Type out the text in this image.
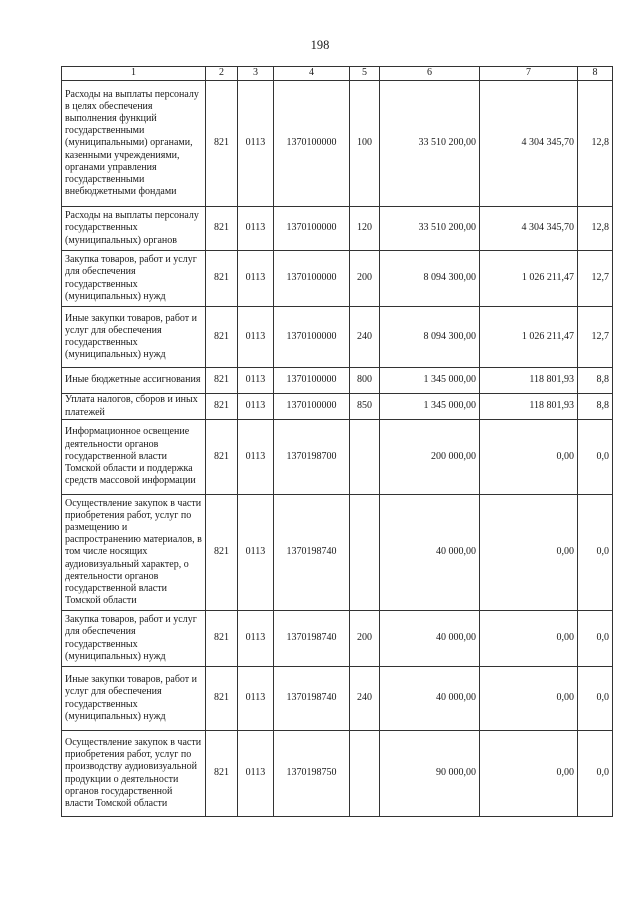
198
1	2	3	4	5	6	7	8
Расходы на выплаты персоналу в целях обеспечения выполнения функций государственными (муниципальными) органами, казенными учреждениями, органами управления государственными внебюджетными фондами	821	0113	1370100000	100	33 510 200,00	4 304 345,70	12,8
Расходы на выплаты персоналу государственных (муниципальных) органов	821	0113	1370100000	120	33 510 200,00	4 304 345,70	12,8
Закупка товаров, работ и услуг для обеспечения государственных (муниципальных) нужд	821	0113	1370100000	200	8 094 300,00	1 026 211,47	12,7
Иные закупки товаров, работ и услуг для обеспечения государственных (муниципальных) нужд	821	0113	1370100000	240	8 094 300,00	1 026 211,47	12,7
Иные бюджетные ассигнования	821	0113	1370100000	800	1 345 000,00	118 801,93	8,8
Уплата налогов, сборов и иных платежей	821	0113	1370100000	850	1 345 000,00	118 801,93	8,8
Информационное освещение деятельности органов государственной власти Томской области и поддержка средств массовой информации	821	0113	1370198700		200 000,00	0,00	0,0
Осуществление закупок в части приобретения работ, услуг по размещению и распространению материалов, в том числе носящих аудиовизуальный характер, о деятельности органов государственной власти Томской области	821	0113	1370198740		40 000,00	0,00	0,0
Закупка товаров, работ и услуг для обеспечения государственных (муниципальных) нужд	821	0113	1370198740	200	40 000,00	0,00	0,0
Иные закупки товаров, работ и услуг для обеспечения государственных (муниципальных) нужд	821	0113	1370198740	240	40 000,00	0,00	0,0
Осуществление закупок в части приобретения работ, услуг по производству аудиовизуальной продукции о деятельности органов государственной власти Томской области	821	0113	1370198750		90 000,00	0,00	0,0
